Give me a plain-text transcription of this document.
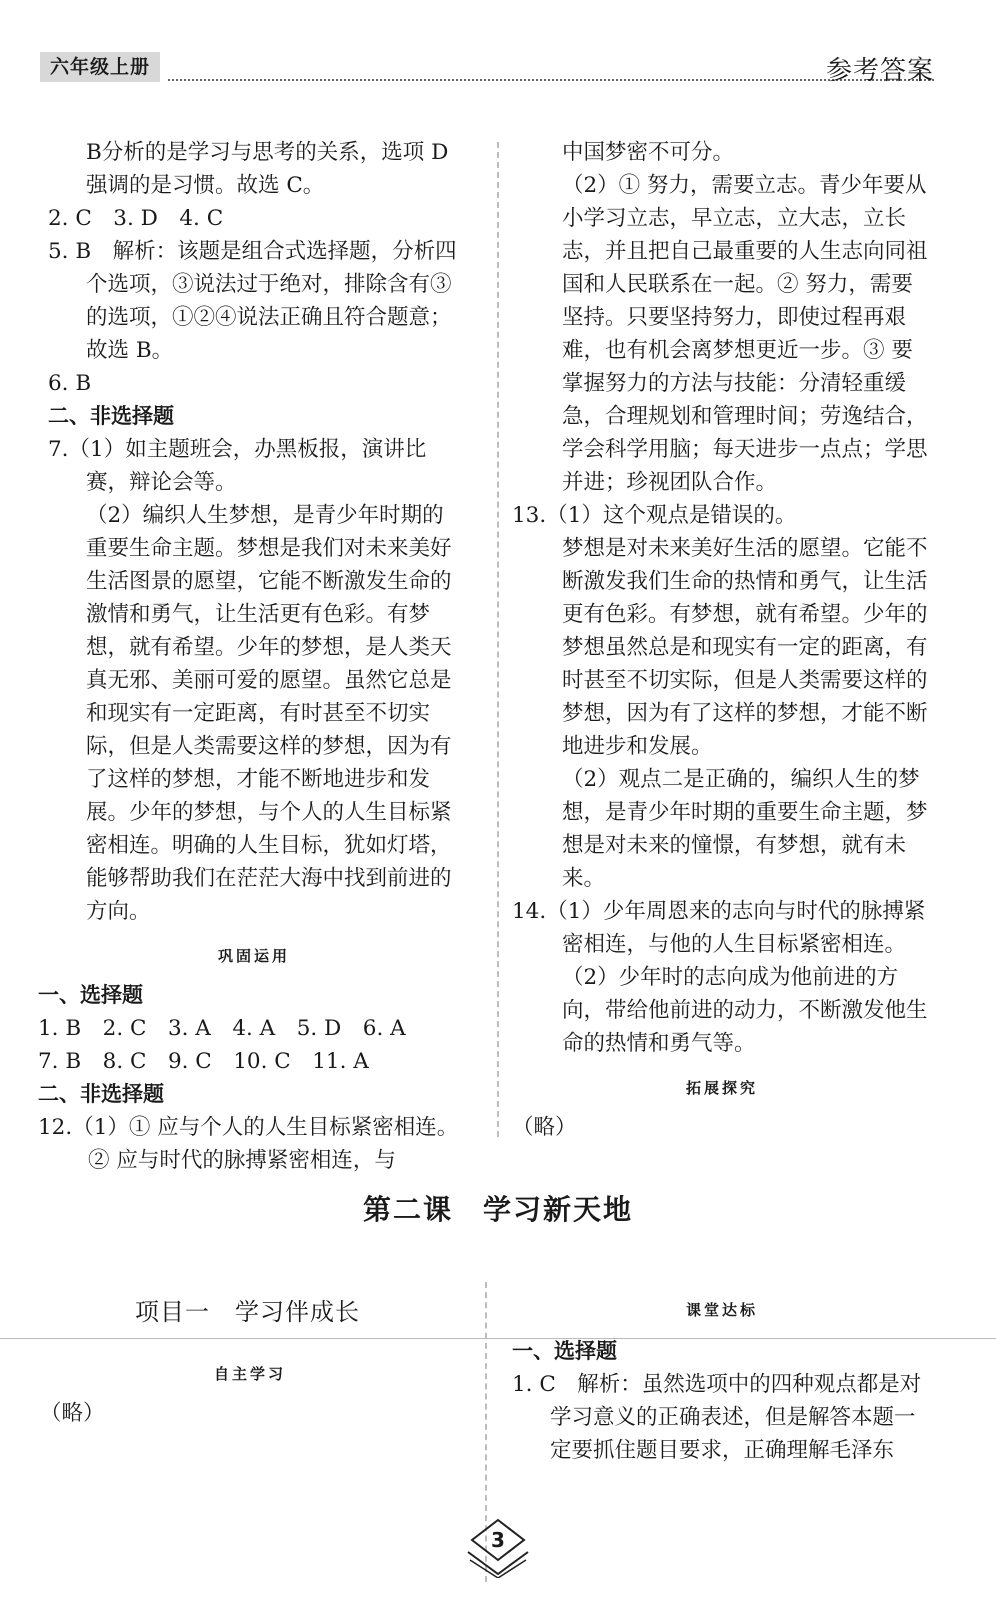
六年级上册	参考答案

B分析的是学习与思考的关系，选项 D

强调的是习惯。故选 C。

2. C　3. D　4. C

5. B　解析：该题是组合式选择题，分析四个选项，③说法过于绝对，排除含有③的选项，①②④说法正确且符合题意；故选 B。

6. B

二、非选择题

7.（1）如主题班会，办黑板报，演讲比赛，辩论会等。

（2）编织人生梦想，是青少年时期的重要生命主题。梦想是我们对未来美好生活图景的愿望，它能不断激发生命的激情和勇气，让生活更有色彩。有梦想，就有希望。少年的梦想，是人类天真无邪、美丽可爱的愿望。虽然它总是和现实有一定距离，有时甚至不切实际，但是人类需要这样的梦想，因为有了这样的梦想，才能不断地进步和发展。少年的梦想，与个人的人生目标紧密相连。明确的人生目标，犹如灯塔，能够帮助我们在茫茫大海中找到前进的方向。

巩固运用

一、选择题

1. B　2. C　3. A　4. A　5. D　6. A

7. B　8. C　9. C　10. C　11. A

二、非选择题

12.（1）① 应与个人的人生目标紧密相连。② 应与时代的脉搏紧密相连，与

中国梦密不可分。

（2）① 努力，需要立志。青少年要从小学习立志，早立志，立大志，立长志，并且把自己最重要的人生志向同祖国和人民联系在一起。② 努力，需要坚持。只要坚持努力，即使过程再艰难，也有机会离梦想更近一步。③ 要掌握努力的方法与技能：分清轻重缓急，合理规划和管理时间；劳逸结合，学会科学用脑；每天进步一点点；学思并进；珍视团队合作。

13.（1）这个观点是错误的。

梦想是对未来美好生活的愿望。它能不断激发我们生命的热情和勇气，让生活更有色彩。有梦想，就有希望。少年的梦想虽然总是和现实有一定的距离，有时甚至不切实际，但是人类需要这样的梦想，因为有了这样的梦想，才能不断地进步和发展。

（2）观点二是正确的，编织人生的梦想，是青少年时期的重要生命主题，梦想是对未来的憧憬，有梦想，就有未来。

14.（1）少年周恩来的志向与时代的脉搏紧密相连，与他的人生目标紧密相连。

（2）少年时的志向成为他前进的方向，带给他前进的动力，不断激发他生命的热情和勇气等。

拓展探究

（略）

第二课　学习新天地
项目一　学习伴成长

自主学习

（略）

课堂达标

一、选择题

1. C　解析：虽然选项中的四种观点都是对学习意义的正确表述，但是解答本题一定要抓住题目要求，正确理解毛泽东

3
